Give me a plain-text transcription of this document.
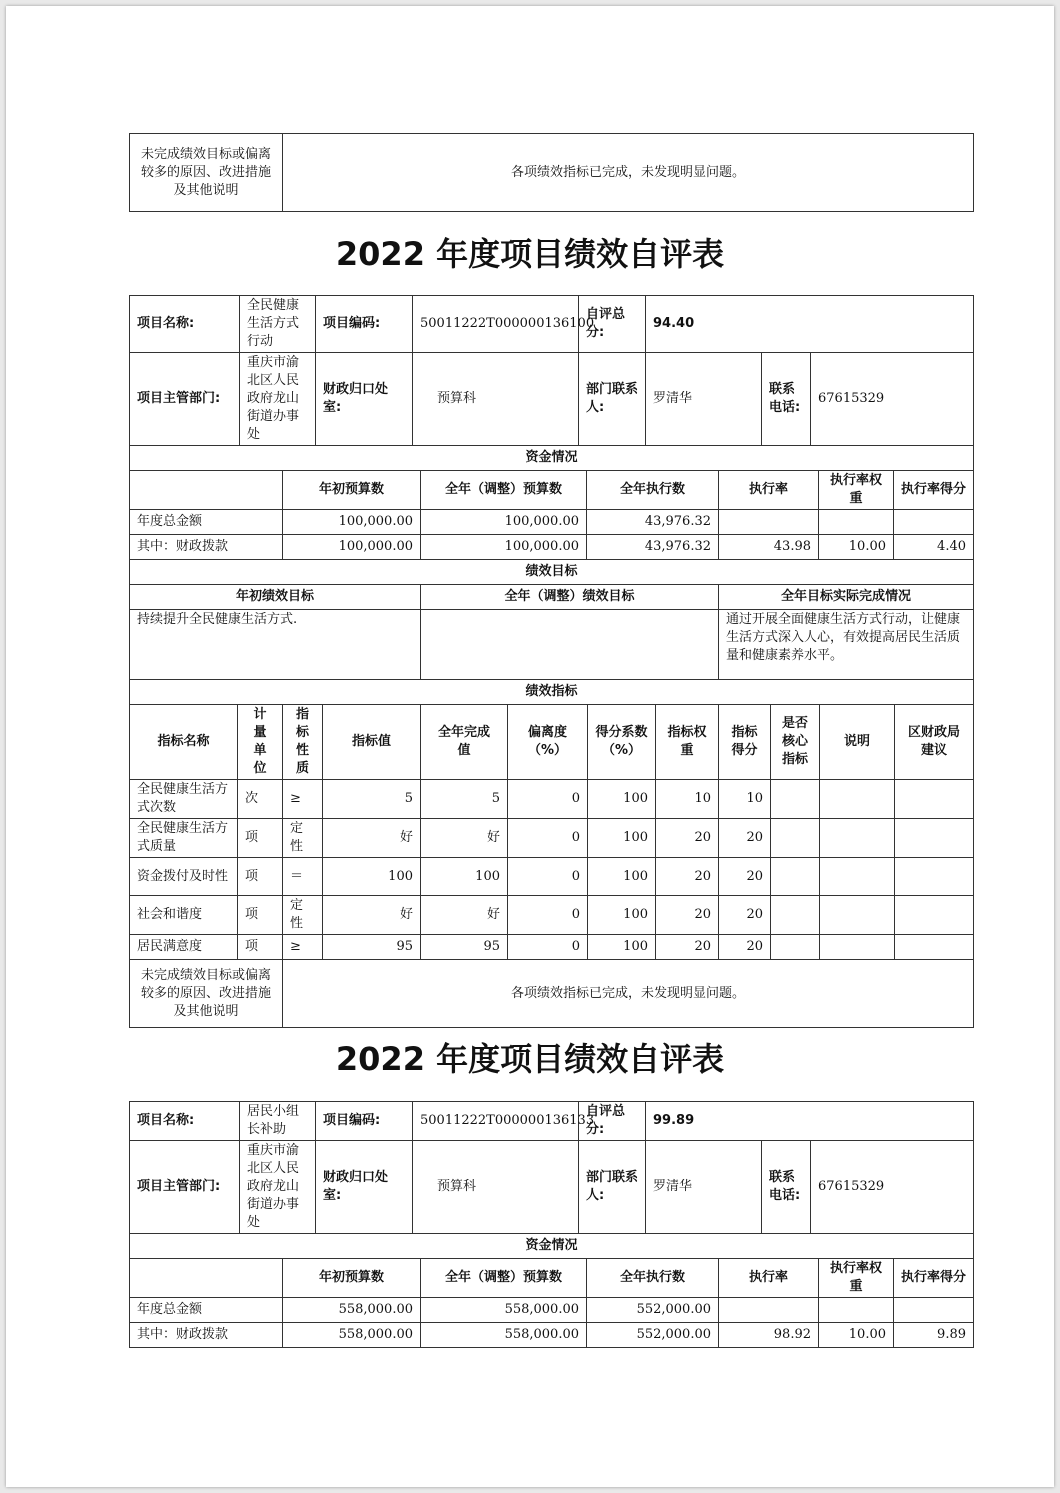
未完成绩效目标或偏离较多的原因、改进措施及其他说明	各项绩效指标已完成，未发现明显问题。
2022 年度项目绩效自评表
项目名称:	全民健康生活方式行动	项目编码:	50011222T000000136100	自评总分:	94.40		
项目主管部门:	重庆市渝北区人民政府龙山街道办事处	财政归口处室:	预算科	部门联系人:	罗清华	联系电话:	67615329
资金情况						
	年初预算数	全年（调整）预算数	全年执行数	执行率	执行率权重	执行率得分
年度总金额	100,000.00	100,000.00	43,976.32			
其中：财政拨款	100,000.00	100,000.00	43,976.32	43.98	10.00	4.40
绩效目标		
年初绩效目标	全年（调整）绩效目标	全年目标实际完成情况
持续提升全民健康生活方式.		通过开展全面健康生活方式行动，让健康生活方式深入人心，有效提高居民生活质量和健康素养水平。
绩效指标											
指标名称	计量单位	指标性质	指标值	全年完成值	偏离度（%）	得分系数（%）	指标权重	指标得分	是否核心指标	说明	区财政局建议
全民健康生活方式次数	次	≥	5	5	0	100	10	10			
全民健康生活方式质量	项	定性	好	好	0	100	20	20			
资金拨付及时性	项	＝	100	100	0	100	20	20			
社会和谐度	项	定性	好	好	0	100	20	20			
居民满意度	项	≥	95	95	0	100	20	20			
未完成绩效目标或偏离较多的原因、改进措施及其他说明	各项绩效指标已完成，未发现明显问题。
2022 年度项目绩效自评表
项目名称:	居民小组长补助	项目编码:	50011222T000000136133	自评总分:	99.89		
项目主管部门:	重庆市渝北区人民政府龙山街道办事处	财政归口处室:	预算科	部门联系人:	罗清华	联系电话:	67615329
资金情况						
	年初预算数	全年（调整）预算数	全年执行数	执行率	执行率权重	执行率得分
年度总金额	558,000.00	558,000.00	552,000.00			
其中：财政拨款	558,000.00	558,000.00	552,000.00	98.92	10.00	9.89
